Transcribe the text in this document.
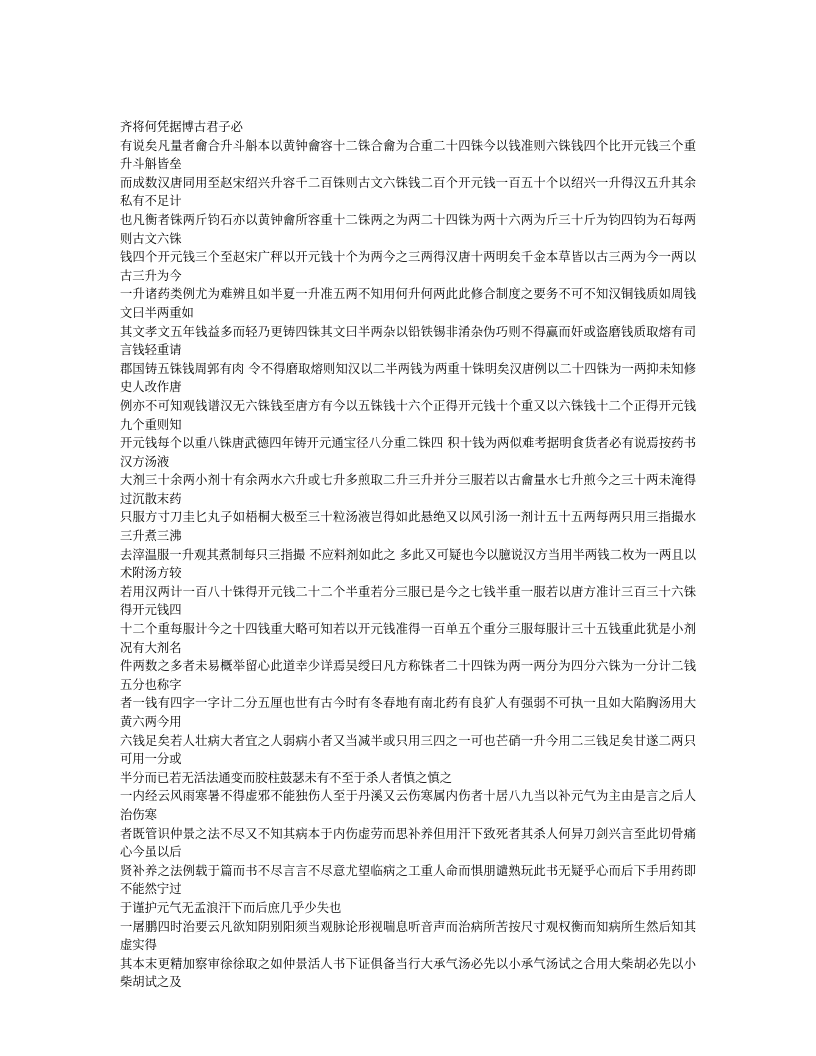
齐将何凭据博古君子必

有说矣凡量者龠合升斗斛本以黄钟龠容十二铢合龠为合重二十四铢今以钱准则六铢钱四个比开元钱三个重升斗斛皆垒

而成数汉唐同用至赵宋绍兴升容千二百铢则古文六铢钱二百个开元钱一百五十个以绍兴一升得汉五升其余私有不足计

也凡衡者铢两斤钧石亦以黄钟龠所容重十二铢两之为两二十四铢为两十六两为斤三十斤为钧四钧为石每两则古文六铢

钱四个开元钱三个至赵宋广秤以开元钱十个为两今之三两得汉唐十两明矣千金本草皆以古三两为今一两以古三升为今

一升诸药类例尤为难辨且如半夏一升准五两不知用何升何两此此修合制度之要务不可不知汉铜钱质如周钱文曰半两重如

其文孝文五年钱益多而轻乃更铸四铢其文曰半两杂以铅铁锡非淆杂伪巧则不得赢而奸或盗磨钱质取熔有司言钱轻重请

郡国铸五铢钱周郭有肉 令不得磨取熔则知汉以二半两钱为两重十铢明矣汉唐例以二十四铢为一两抑未知修史人改作唐

例亦不可知观钱谱汉无六铢钱至唐方有今以五铢钱十六个正得开元钱十个重又以六铢钱十二个正得开元钱九个重则知

开元钱每个以重八铢唐武德四年铸开元通宝径八分重二铢四 积十钱为两似难考据明食货者必有说焉按药书汉方汤液

大剂三十余两小剂十有余两水六升或七升多煎取二升三升并分三服若以古龠量水七升煎今之三十两未淹得过沉散末药

只服方寸刀圭匕丸子如梧桐大极至三十粒汤液岂得如此悬绝又以风引汤一剂计五十五两每两只用三指撮水三升煮三沸

去滓温服一升观其煮制每只三指撮 不应料剂如此之 多此又可疑也今以臆说汉方当用半两钱二枚为一两且以术附汤方较

若用汉两计一百八十铢得开元钱二十二个半重若分三服已是今之七钱半重一服若以唐方准计三百三十六铢得开元钱四

十二个重每服计今之十四钱重大略可知若以开元钱准得一百单五个重分三服每服计三十五钱重此犹是小剂况有大剂名

件两数之多者未易概举留心此道幸少详焉吴绶曰凡方称铢者二十四铢为两一两分为四分六铢为一分计二钱五分也称字

者一钱有四字一字计二分五厘也世有古今时有冬春地有南北药有良犷人有强弱不可执一且如大陷胸汤用大黄六两今用

六钱足矣若人壮病大者宜之人弱病小者又当减半或只用三四之一可也芒硝一升今用二三钱足矣甘遂二两只可用一分或

半分而已若无活法通变而胶柱鼓瑟未有不至于杀人者慎之慎之

一内经云风雨寒暑不得虚邪不能独伤人至于丹溪又云伤寒属内伤者十居八九当以补元气为主由是言之后人治伤寒

者既管识仲景之法不尽又不知其病本于内伤虚劳而思补养但用汗下致死者其杀人何异刀剑兴言至此切骨痛心今虽以后

贤补养之法例载于篇而书不尽言言不尽意尤望临病之工重人命而惧朋谴熟玩此书无疑乎心而后下手用药即不能然宁过

于谨护元气无孟浪汗下而后庶几乎少失也

一屠鹏四时治要云凡欲知阴别阳须当观脉论形视喘息听音声而治病所苦按尺寸观权衡而知病所生然后知其虚实得

其本末更精加察审徐徐取之如仲景活人书下证俱备当行大承气汤必先以小承气汤试之合用大柴胡必先以小柴胡试之及
